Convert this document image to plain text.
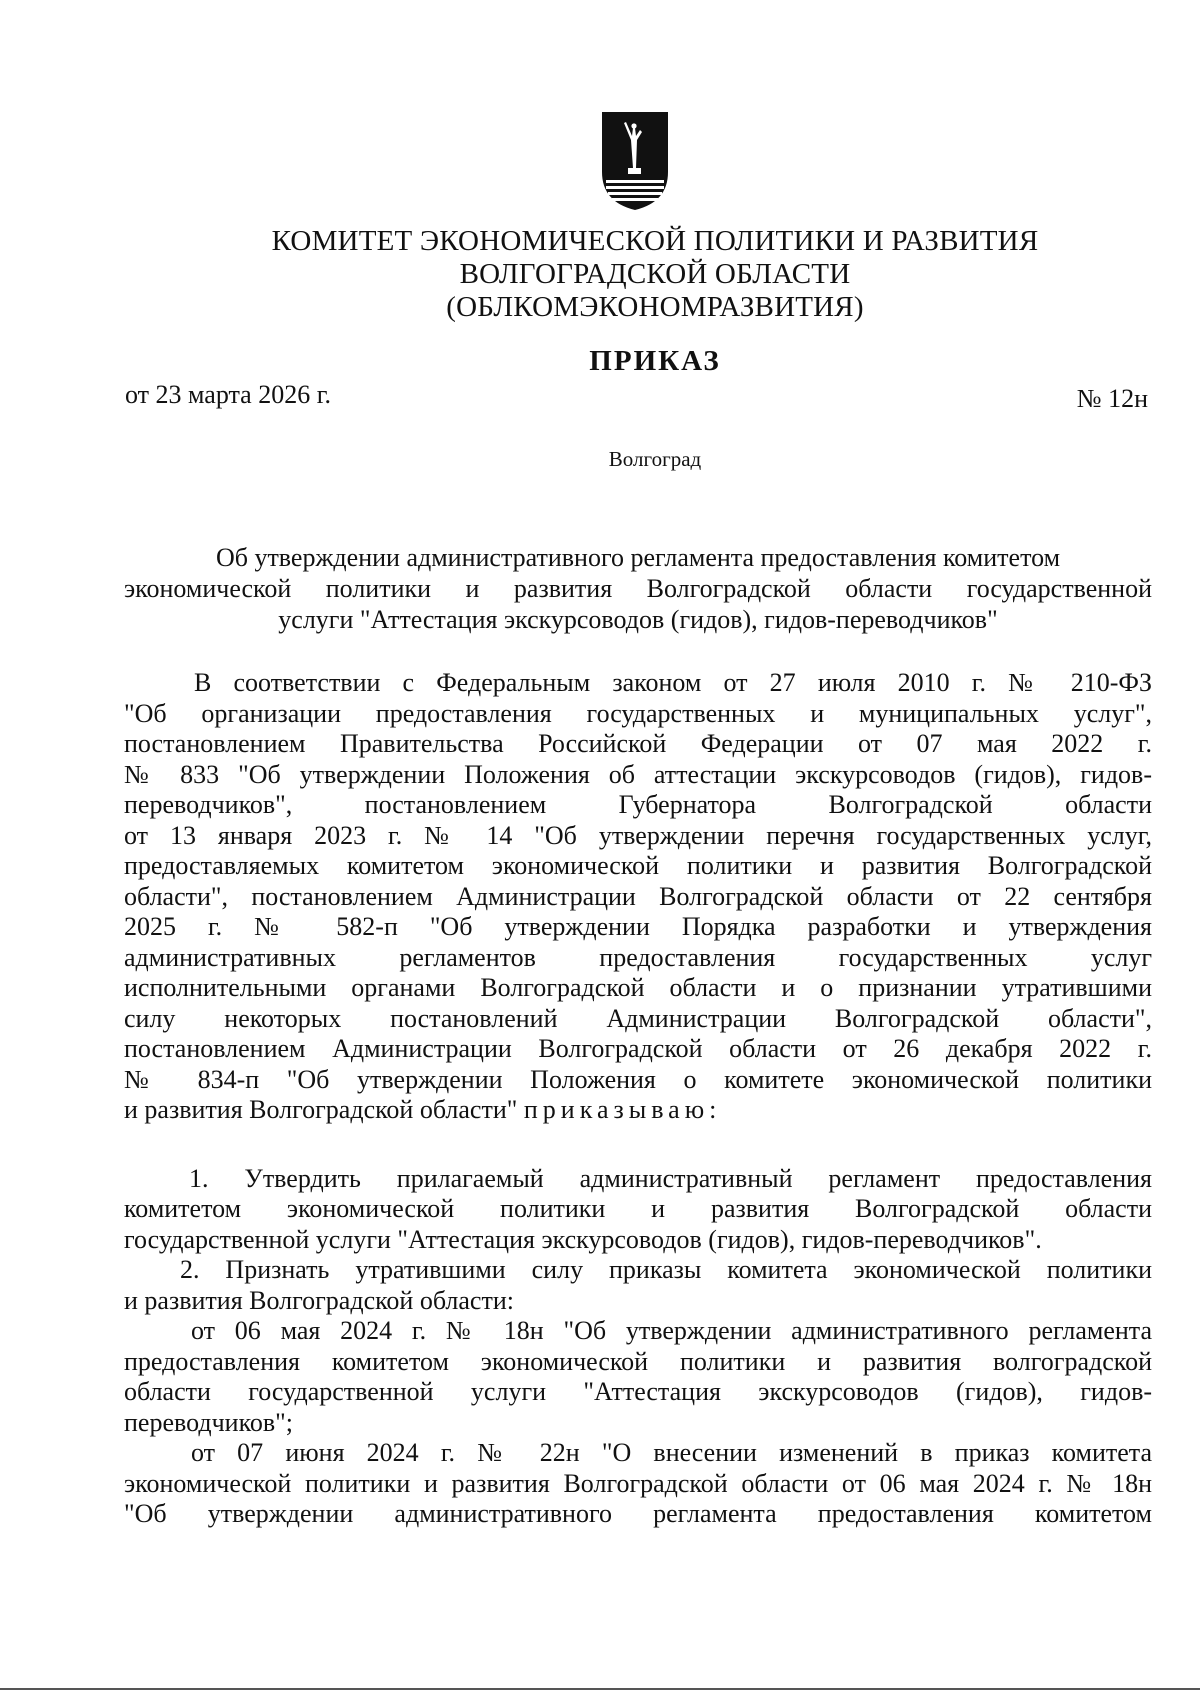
КОМИТЕТ ЭКОНОМИЧЕСКОЙ ПОЛИТИКИ И РАЗВИТИЯ
ВОЛГОГРАДСКОЙ ОБЛАСТИ
(ОБЛКОМЭКОНОМРАЗВИТИЯ)
ПРИКАЗ
от 23 марта 2026 г.	№ 12н
Волгоград
Об утверждении административного регламента предоставления комитетом
экономической политики и развития Волгоградской области государственной
услуги "Аттестация экскурсоводов (гидов), гидов-переводчиков"
В соответствии с Федеральным законом от 27 июля 2010 г. № 210-ФЗ
"Об организации предоставления государственных и муниципальных услуг",
постановлением Правительства Российской Федерации от 07 мая 2022 г.
№ 833 "Об утверждении Положения об аттестации экскурсоводов (гидов), гидов-
переводчиков", постановлением Губернатора Волгоградской области
от 13 января 2023 г. № 14 "Об утверждении перечня государственных услуг,
предоставляемых комитетом экономической политики и развития Волгоградской
области", постановлением Администрации Волгоградской области от 22 сентября
2025 г. № 582-п "Об утверждении Порядка разработки и утверждения
административных регламентов предоставления государственных услуг
исполнительными органами Волгоградской области и о признании утратившими
силу некоторых постановлений Администрации Волгоградской области",
постановлением Администрации Волгоградской области от 26 декабря 2022 г.
№ 834-п "Об утверждении Положения о комитете экономической политики
и развития Волгоградской области" приказываю:
1. Утвердить прилагаемый административный регламент предоставления
комитетом экономической политики и развития Волгоградской области
государственной услуги "Аттестация экскурсоводов (гидов), гидов-переводчиков".
2. Признать утратившими силу приказы комитета экономической политики
и развития Волгоградской области:
от 06 мая 2024 г. № 18н "Об утверждении административного регламента
предоставления комитетом экономической политики и развития волгоградской
области государственной услуги "Аттестация экскурсоводов (гидов), гидов-
переводчиков";
от 07 июня 2024 г. № 22н "О внесении изменений в приказ комитета
экономической политики и развития Волгоградской области от 06 мая 2024 г. № 18н
"Об утверждении административного регламента предоставления комитетом
